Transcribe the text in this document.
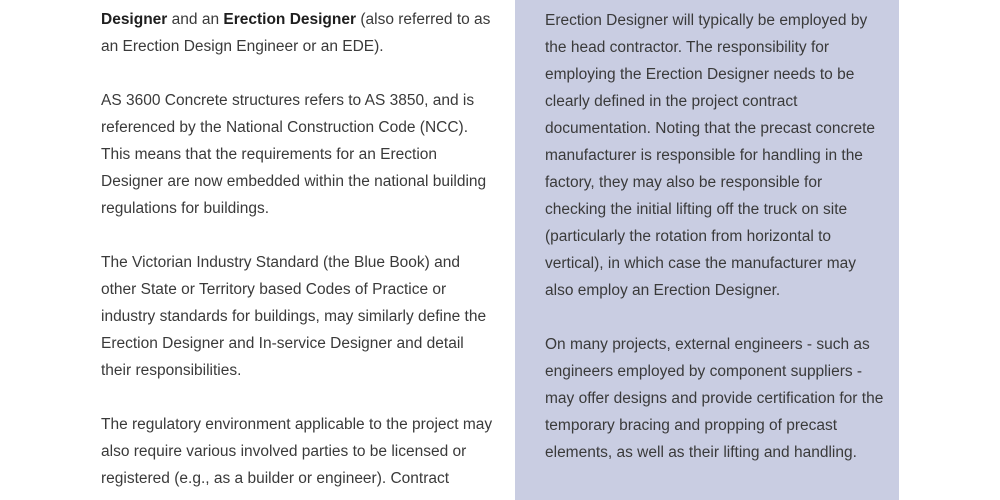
Designer and an Erection Designer (also referred to as an Erection Design Engineer or an EDE).

AS 3600 Concrete structures refers to AS 3850, and is referenced by the National Construction Code (NCC). This means that the requirements for an Erection Designer are now embedded within the national building regulations for buildings.

The Victorian Industry Standard (the Blue Book) and other State or Territory based Codes of Practice or industry standards for buildings, may similarly define the Erection Designer and In-service Designer and detail their responsibilities.

The regulatory environment applicable to the project may also require various involved parties to be licensed or registered (e.g., as a builder or engineer). Contract

Erection Designer will typically be employed by the head contractor. The responsibility for employing the Erection Designer needs to be clearly defined in the project contract documentation. Noting that the precast concrete manufacturer is responsible for handling in the factory, they may also be responsible for checking the initial lifting off the truck on site (particularly the rotation from horizontal to vertical), in which case the manufacturer may also employ an Erection Designer.

On many projects, external engineers - such as engineers employed by component suppliers - may offer designs and provide certification for the temporary bracing and propping of precast elements, as well as their lifting and handling.
